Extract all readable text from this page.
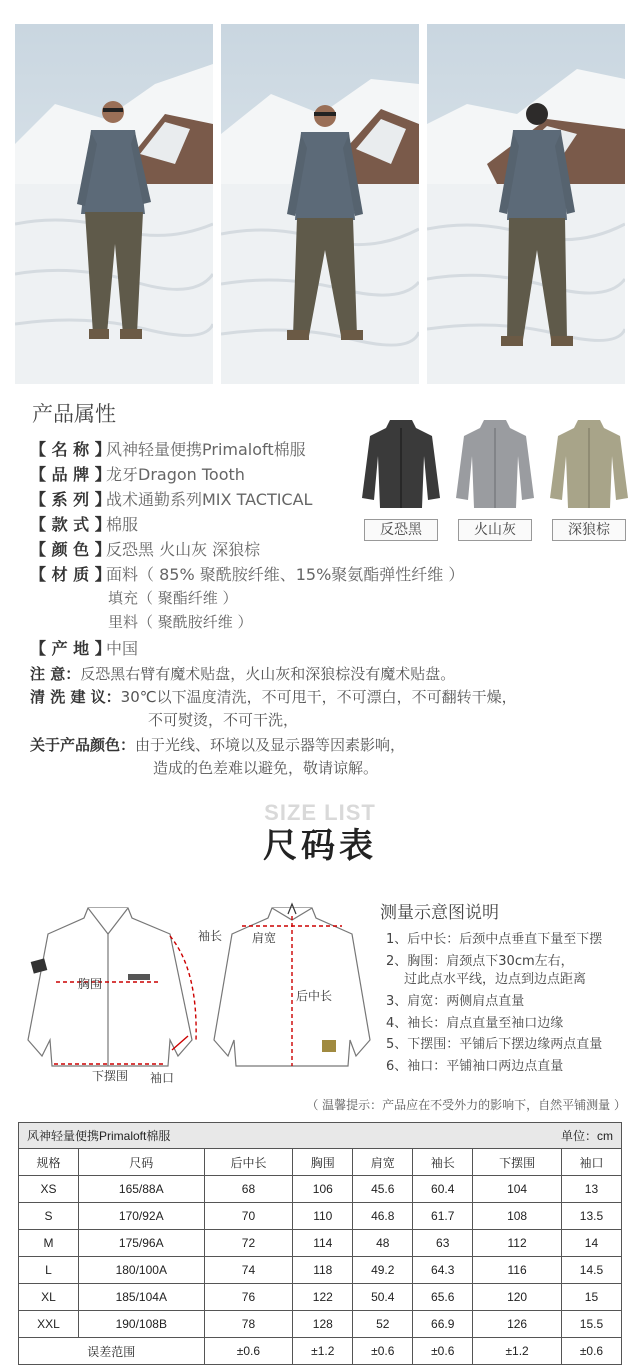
产品属性
【 名 称 】风神轻量便携Primaloft棉服
【 品 牌 】龙牙Dragon Tooth
【 系 列 】战术通勤系列MIX TACTICAL
【 款 式 】棉服
【 颜 色 】反恐黑 火山灰 深狼棕
【 材 质 】面料（ 85% 聚酰胺纤维、15%聚氨酯弹性纤维 ）
填充（ 聚酯纤维 ）
里料（ 聚酰胺纤维 ）
【 产 地 】中国
反恐黑	火山灰	深狼棕
注 意：反恐黑右臂有魔术贴盘，火山灰和深狼棕没有魔术贴盘。
清 洗 建 议：30℃以下温度清洗，不可甩干，不可漂白，不可翻转干燥，
不可熨烫，不可干洗，
关于产品颜色：由于光线、环境以及显示器等因素影响，
造成的色差难以避免，敬请谅解。
SIZE LIST
尺码表
袖长
胸围
下摆围 袖口
肩宽
后中长
测量示意图说明
1、后中长：后颈中点垂直下量至下摆
2、胸围：肩颈点下30cm左右，
过此点水平线，边点到边点距离
3、肩宽：两侧肩点直量
4、袖长：肩点直量至袖口边缘
5、下摆围：平铺后下摆边缘两点直量
6、袖口：平铺袖口两边点直量
（ 温馨提示：产品应在不受外力的影响下，自然平铺测量 ）
风神轻量便携Primaloft棉服 单位：cm							

规格	尺码	后中长	胸围	肩宽	袖长	下摆围	袖口
XS	165/88A	68	106	45.6	60.4	104	13
S	170/92A	70	110	46.8	61.7	108	13.5
M	175/96A	72	114	48	63	112	14
L	180/100A	74	118	49.2	64.3	116	14.5
XL	185/104A	76	122	50.4	65.6	120	15
XXL	190/108B	78	128	52	66.9	126	15.5
误差范围		±0.6	±1.2	±0.6	±0.6	±1.2	±0.6
